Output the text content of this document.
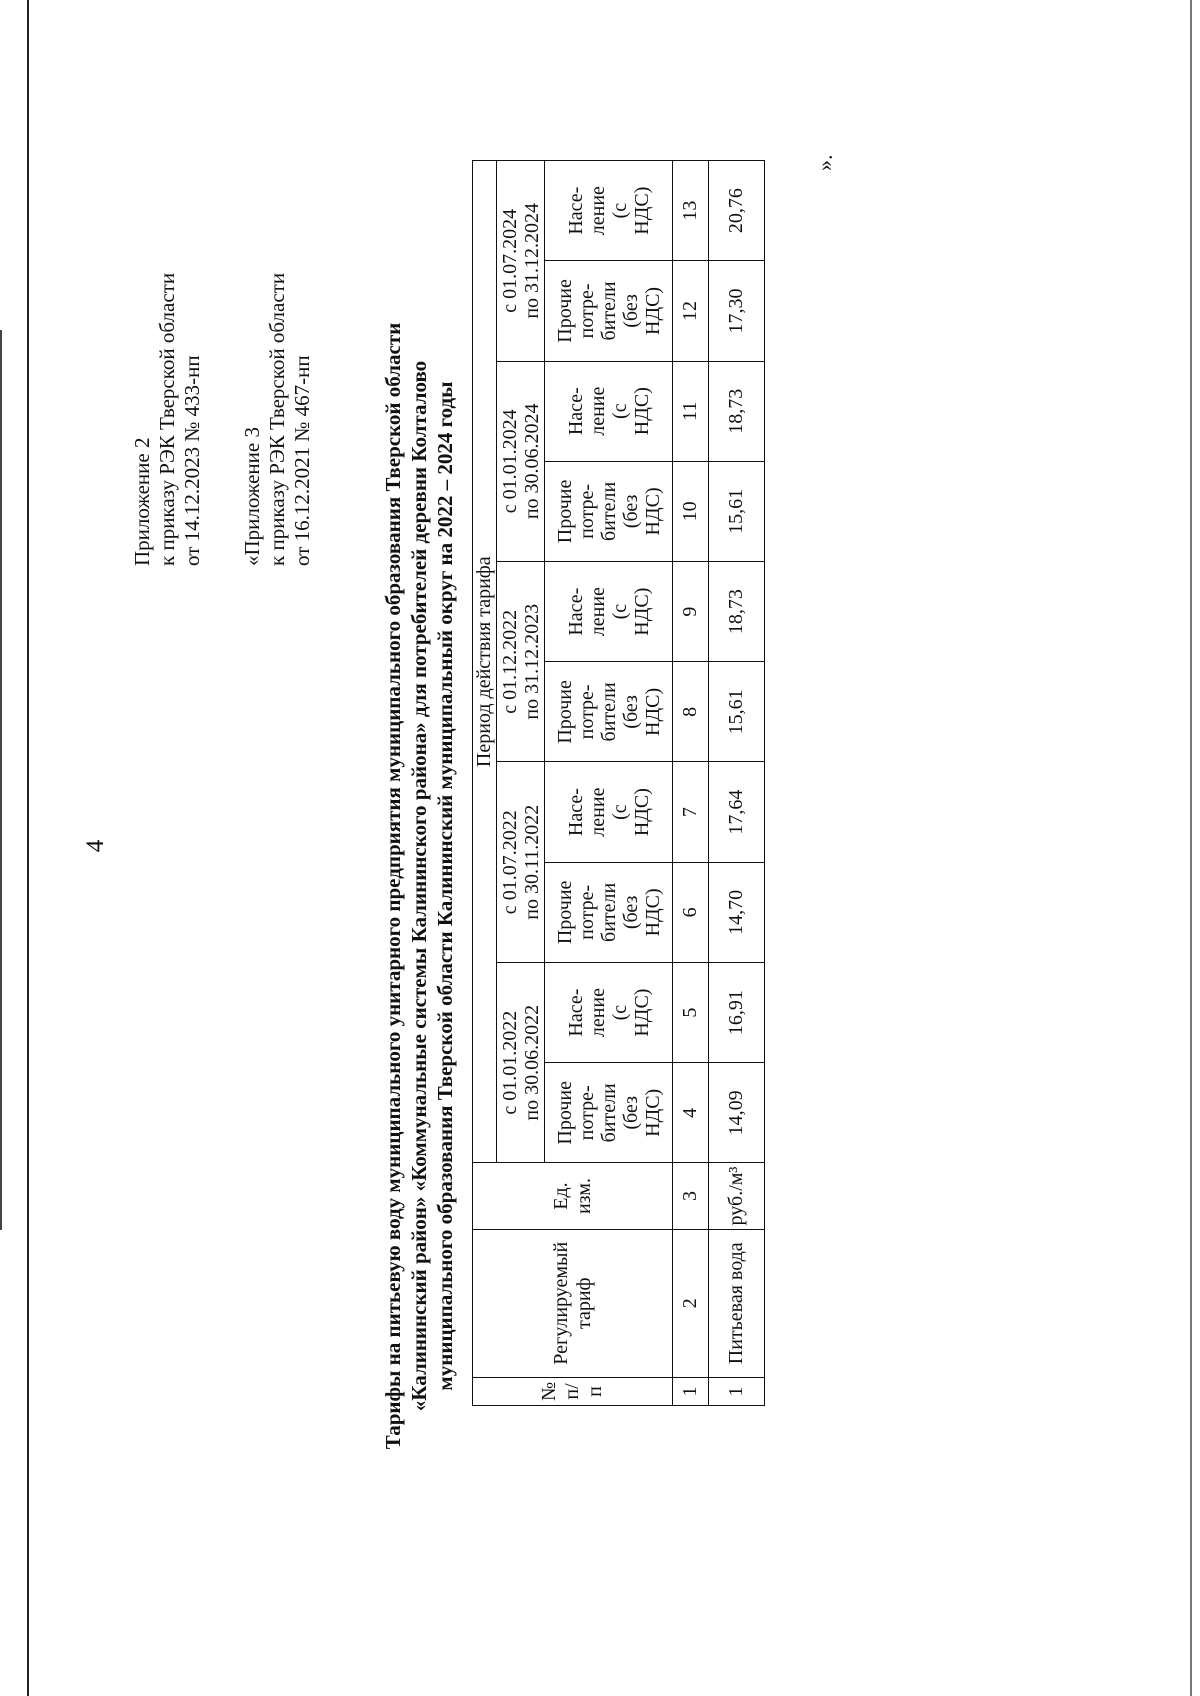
4
Приложение 2 к приказу РЭК Тверской области от 14.12.2023 № 433-нп «Приложение 3 к приказу РЭК Тверской области от 16.12.2021 № 467-нп	Тарифы на питьевую воду муниципального унитарного предприятия муниципального образования Тверской области «Калининский район» «Коммунальные системы Калининского района» для потребителей деревни Колталово муниципального образования Тверской области Калининский муниципальный округ на 2022 – 2024 годы
№ п/ п	Регулируемый тариф	Ед. изм.	Период действия тарифа									

			с 01.01.2022 по 30.06.2022		с 01.07.2022 по 30.11.2022		с 01.12.2022 по 31.12.2023		с 01.01.2024 по 30.06.2024		с 01.07.2024 по 31.12.2024	

			Прочие потре- бители (без НДС)	Насе- ление (с НДС)	Прочие потре- бители (без НДС)	Насе- ление (с НДС)	Прочие потре- бители (без НДС)	Насе- ление (с НДС)	Прочие потре- бители (без НДС)	Насе- ление (с НДС)	Прочие потре- бители (без НДС)	Насе- ление (с НДС)

1	2	3	4	5	6	7	8	9	10	11	12	13
1	Питьевая вода	руб./м³	14,09	16,91	14,70	17,64	15,61	18,73	15,61	18,73	17,30	20,76
».
